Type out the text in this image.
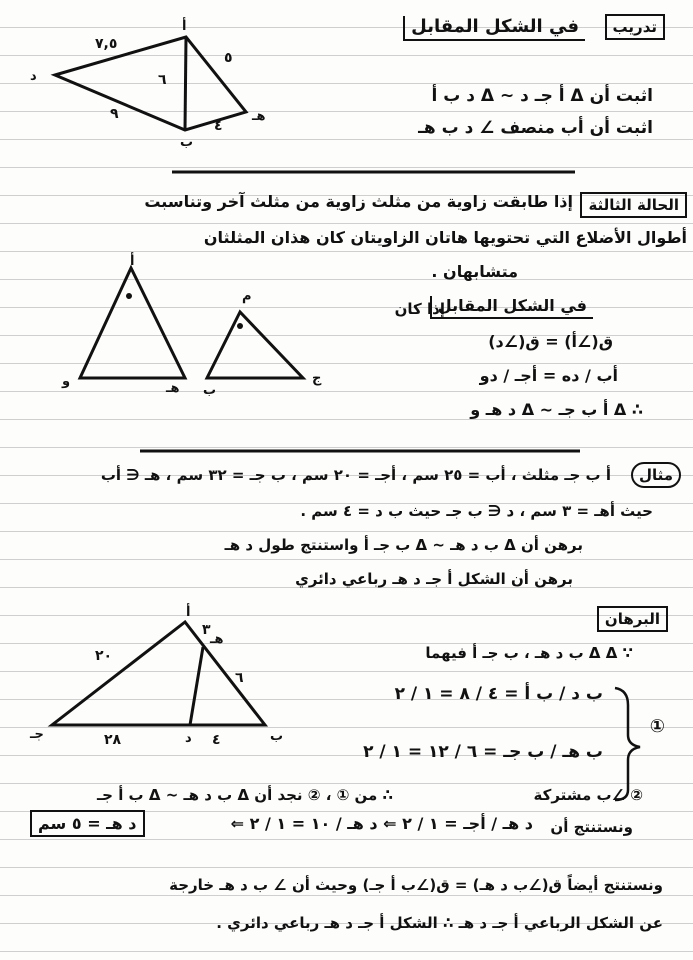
تدريب
في الشكل المقابل
اثبت أن Δ أ جـ د ~ Δ د ب أ
اثبت أن أب منصف ∠ د ب هـ
أ
د
هـ
ب
٧,٥
٩
٦
٥
٤
أ
و	هـ
م
ب
ج
أ
هـ
د	ب
جـ
٢٠
٣
٦
٢٨	٤
الحالة الثالثة
إذا طابقت زاوية من مثلث زاوية من مثلث آخر وتناسبت
أطوال الأضلاع التي تحتويها هاتان الزاويتان كان هذان المثلثان
متشابهان .
في الشكل المقابل
إذا كان
ق(∠أ) = ق(∠د)
أب / ده = أجـ / دو
∴ Δ أ ب جـ ~ Δ د هـ و
مثال
أ ب جـ مثلث ، أب = ٢٥ سم ، أجـ = ٢٠ سم ، ب جـ = ٣٢ سم ، هـ ∈ أب
حيث أهـ = ٣ سم ، د ∈ ب جـ حيث ب د = ٤ سم .
برهن أن Δ ب د هـ ~ Δ ب جـ أ واستنتج طول د هـ
برهن أن الشكل أ جـ د هـ رباعي دائري
البرهان
∵ Δ Δ ب د هـ ، ب جـ أ فيهما
ب د / ب أ = ٤ / ٨ = ١ / ٢
ب هـ / ب جـ = ٦ / ١٢ = ١ / ٢
①
② ∠ب مشتركة
∴ من ① ، ② نجد أن Δ ب د هـ ~ Δ ب أ جـ
ونستنتج أن
د هـ / أجـ = ١ / ٢ ⇐ د هـ / ١٠ = ١ / ٢ ⇐
د هـ = ٥ سم
ونستنتج أيضاً ق(∠ب د هـ) = ق(∠ب أ جـ) وحيث أن ∠ ب د هـ خارجة
عن الشكل الرباعي أ جـ د هـ ∴ الشكل أ جـ د هـ رباعي دائري .
